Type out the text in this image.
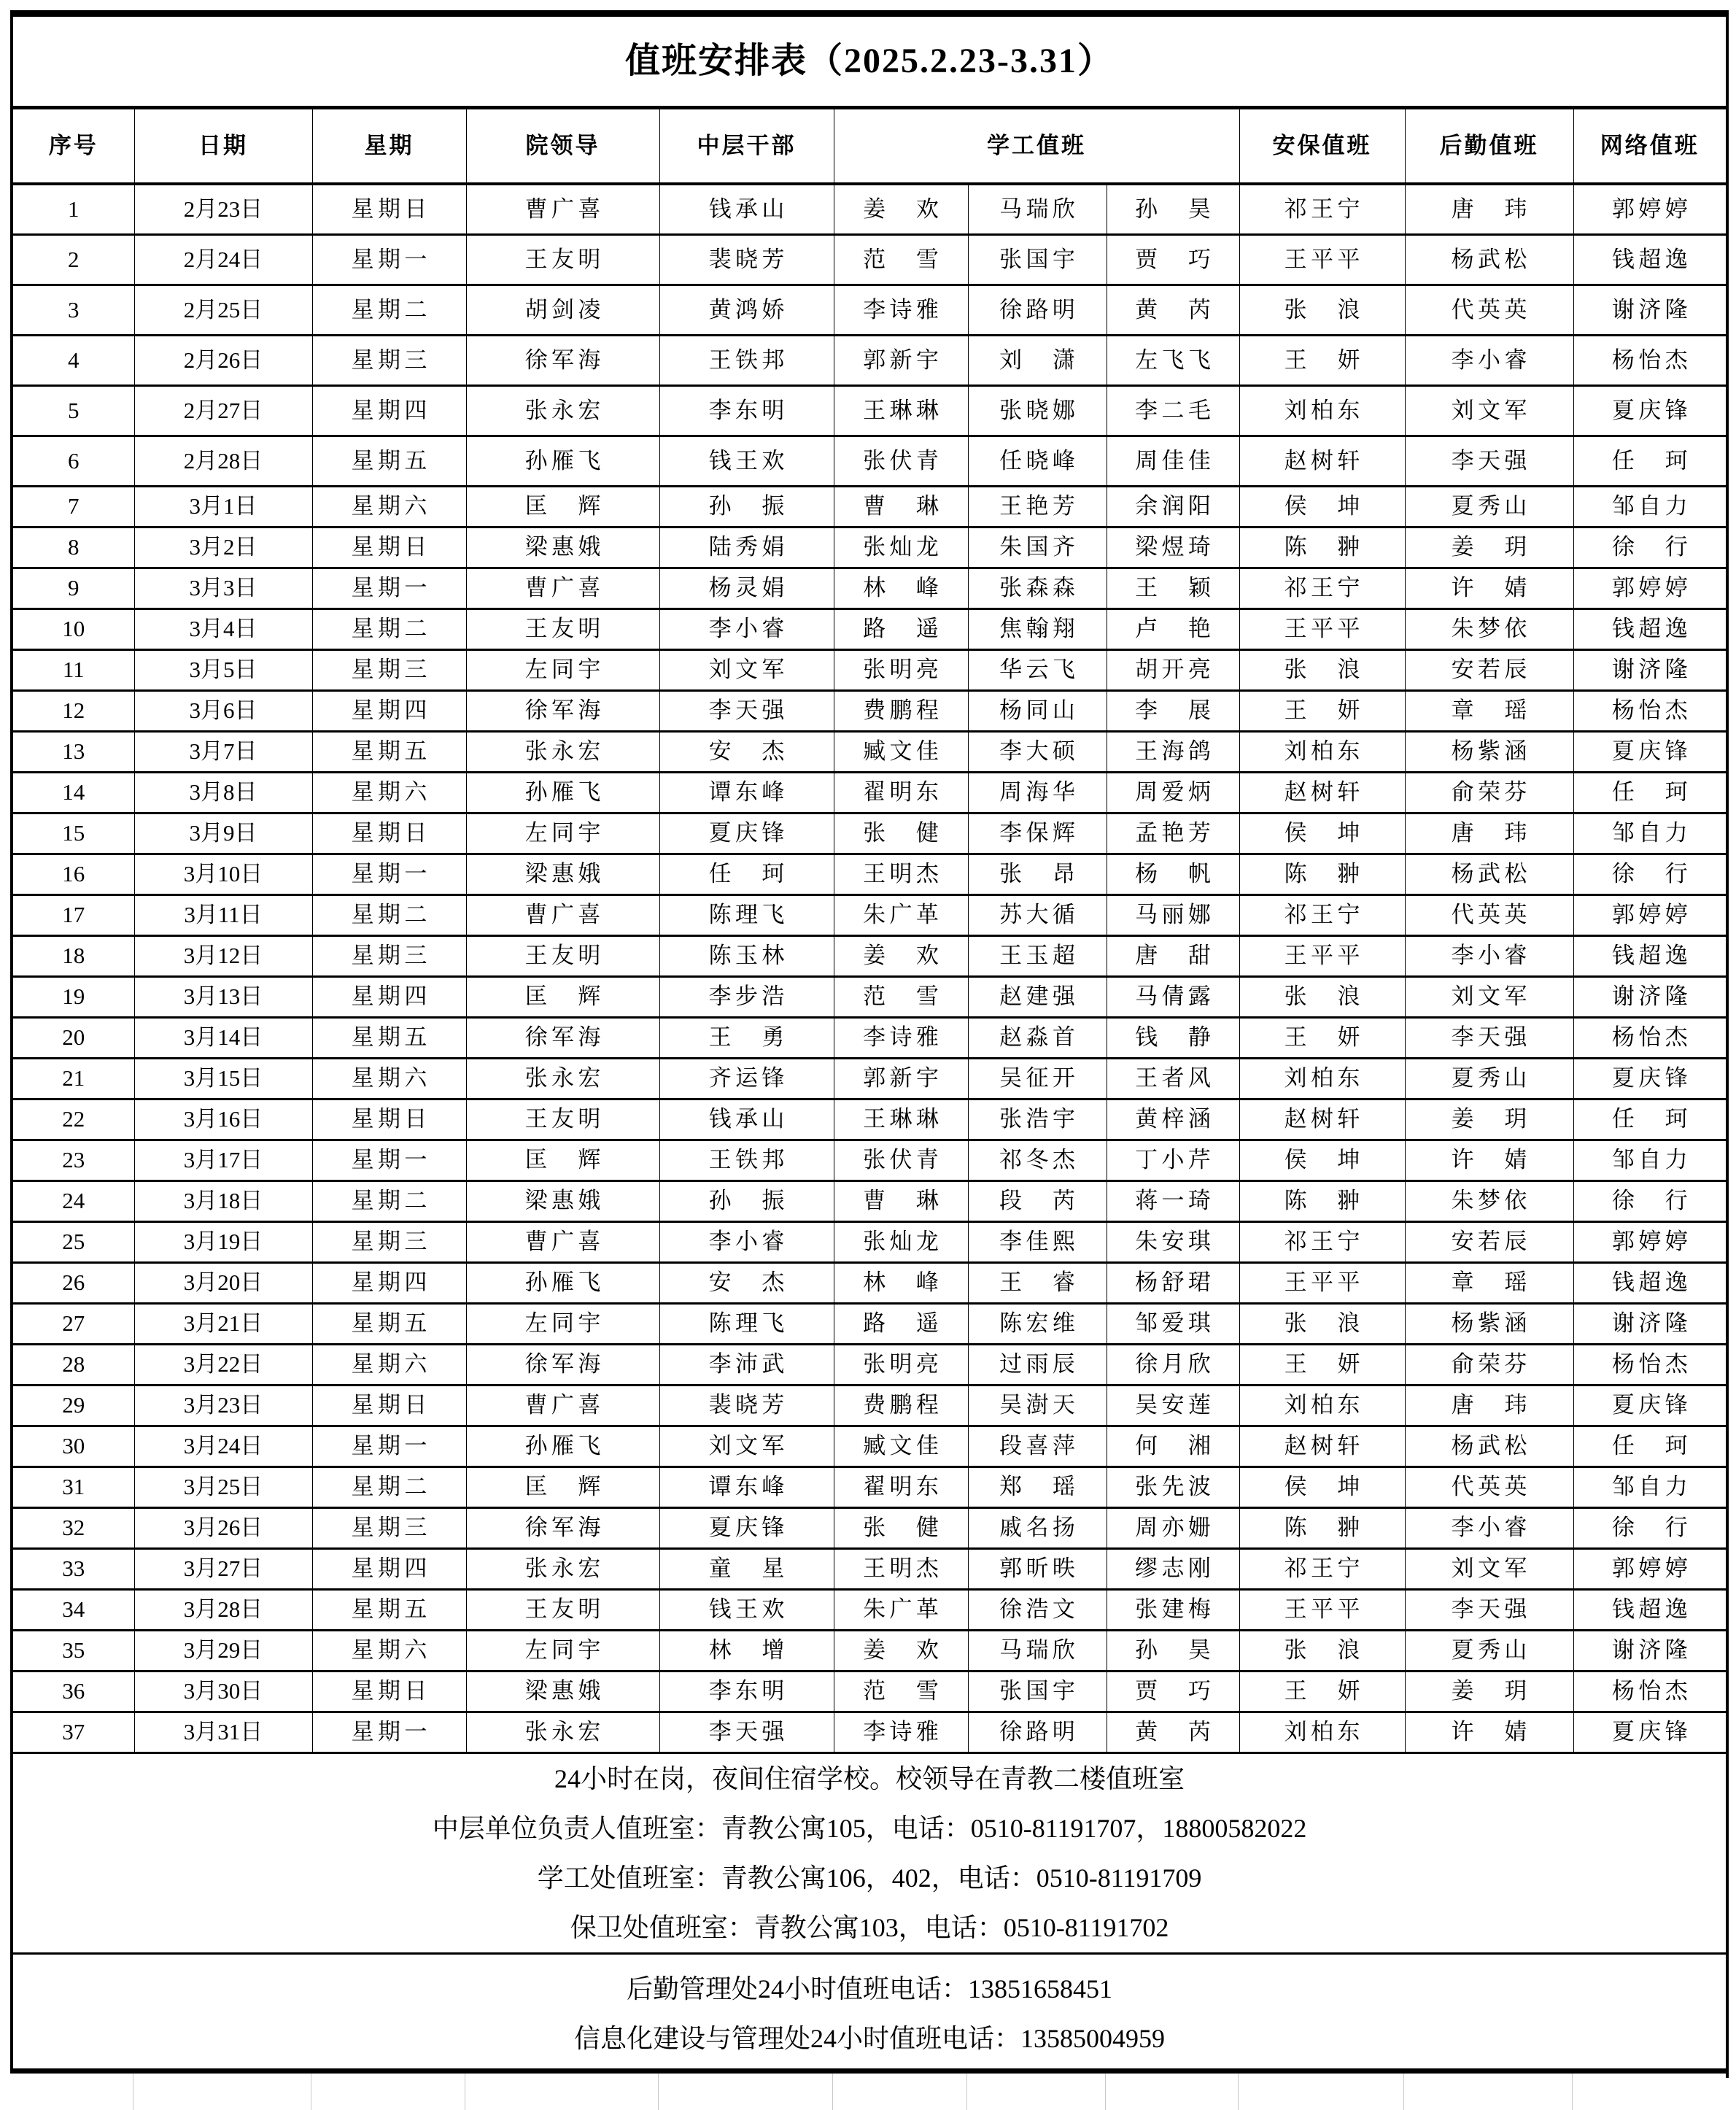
值班安排表（2025.2.23-3.31）										
序号	日期	星期	院领导	中层干部	学工值班			安保值班	后勤值班	网络值班
1	2月23日	星期日	曹广喜	钱承山	姜欢	马瑞欣	孙昊	祁王宁	唐玮	郭婷婷
2	2月24日	星期一	王友明	裴晓芳	范雪	张国宇	贾巧	王平平	杨武松	钱超逸
3	2月25日	星期二	胡剑凌	黄鸿娇	李诗雅	徐路明	黄芮	张浪	代英英	谢济隆
4	2月26日	星期三	徐军海	王铁邦	郭新宇	刘潇	左飞飞	王妍	李小睿	杨怡杰
5	2月27日	星期四	张永宏	李东明	王琳琳	张晓娜	李二毛	刘柏东	刘文军	夏庆锋
6	2月28日	星期五	孙雁飞	钱王欢	张伏青	任晓峰	周佳佳	赵树轩	李天强	任珂
7	3月1日	星期六	匡辉	孙振	曹琳	王艳芳	余润阳	侯坤	夏秀山	邹自力
8	3月2日	星期日	梁惠娥	陆秀娟	张灿龙	朱国齐	梁煜琦	陈翀	姜玥	徐行
9	3月3日	星期一	曹广喜	杨灵娟	林峰	张森森	王颖	祁王宁	许婧	郭婷婷
10	3月4日	星期二	王友明	李小睿	路遥	焦翰翔	卢艳	王平平	朱梦依	钱超逸
11	3月5日	星期三	左同宇	刘文军	张明亮	华云飞	胡开亮	张浪	安若辰	谢济隆
12	3月6日	星期四	徐军海	李天强	费鹏程	杨同山	李展	王妍	章瑶	杨怡杰
13	3月7日	星期五	张永宏	安杰	臧文佳	李大硕	王海鸽	刘柏东	杨紫涵	夏庆锋
14	3月8日	星期六	孙雁飞	谭东峰	翟明东	周海华	周爱炳	赵树轩	俞荣芬	任珂
15	3月9日	星期日	左同宇	夏庆锋	张健	李保辉	孟艳芳	侯坤	唐玮	邹自力
16	3月10日	星期一	梁惠娥	任珂	王明杰	张昂	杨帆	陈翀	杨武松	徐行
17	3月11日	星期二	曹广喜	陈理飞	朱广革	苏大循	马丽娜	祁王宁	代英英	郭婷婷
18	3月12日	星期三	王友明	陈玉林	姜欢	王玉超	唐甜	王平平	李小睿	钱超逸
19	3月13日	星期四	匡辉	李步浩	范雪	赵建强	马倩露	张浪	刘文军	谢济隆
20	3月14日	星期五	徐军海	王勇	李诗雅	赵淼首	钱静	王妍	李天强	杨怡杰
21	3月15日	星期六	张永宏	齐运锋	郭新宇	吴征开	王者风	刘柏东	夏秀山	夏庆锋
22	3月16日	星期日	王友明	钱承山	王琳琳	张浩宇	黄梓涵	赵树轩	姜玥	任珂
23	3月17日	星期一	匡辉	王铁邦	张伏青	祁冬杰	丁小芹	侯坤	许婧	邹自力
24	3月18日	星期二	梁惠娥	孙振	曹琳	段芮	蒋一琦	陈翀	朱梦依	徐行
25	3月19日	星期三	曹广喜	李小睿	张灿龙	李佳熙	朱安琪	祁王宁	安若辰	郭婷婷
26	3月20日	星期四	孙雁飞	安杰	林峰	王睿	杨舒珺	王平平	章瑶	钱超逸
27	3月21日	星期五	左同宇	陈理飞	路遥	陈宏维	邹爱琪	张浪	杨紫涵	谢济隆
28	3月22日	星期六	徐军海	李沛武	张明亮	过雨辰	徐月欣	王妍	俞荣芬	杨怡杰
29	3月23日	星期日	曹广喜	裴晓芳	费鹏程	吴澍天	吴安莲	刘柏东	唐玮	夏庆锋
30	3月24日	星期一	孙雁飞	刘文军	臧文佳	段喜萍	何湘	赵树轩	杨武松	任珂
31	3月25日	星期二	匡辉	谭东峰	翟明东	郑瑶	张先波	侯坤	代英英	邹自力
32	3月26日	星期三	徐军海	夏庆锋	张健	戚名扬	周亦姗	陈翀	李小睿	徐行
33	3月27日	星期四	张永宏	童星	王明杰	郭昕昳	缪志刚	祁王宁	刘文军	郭婷婷
34	3月28日	星期五	王友明	钱王欢	朱广革	徐浩文	张建梅	王平平	李天强	钱超逸
35	3月29日	星期六	左同宇	林增	姜欢	马瑞欣	孙昊	张浪	夏秀山	谢济隆
36	3月30日	星期日	梁惠娥	李东明	范雪	张国宇	贾巧	王妍	姜玥	杨怡杰
37	3月31日	星期一	张永宏	李天强	李诗雅	徐路明	黄芮	刘柏东	许婧	夏庆锋

24小时在岗，夜间住宿学校。校领导在青教二楼值班室
中层单位负责人值班室：青教公寓105，电话：0510-81191707，18800582022
学工处值班室：青教公寓106，402，电话：0510-81191709
保卫处值班室：青教公寓103，电话：0510-81191702										

后勤管理处24小时值班电话：13851658451
信息化建设与管理处24小时值班电话：13585004959										
